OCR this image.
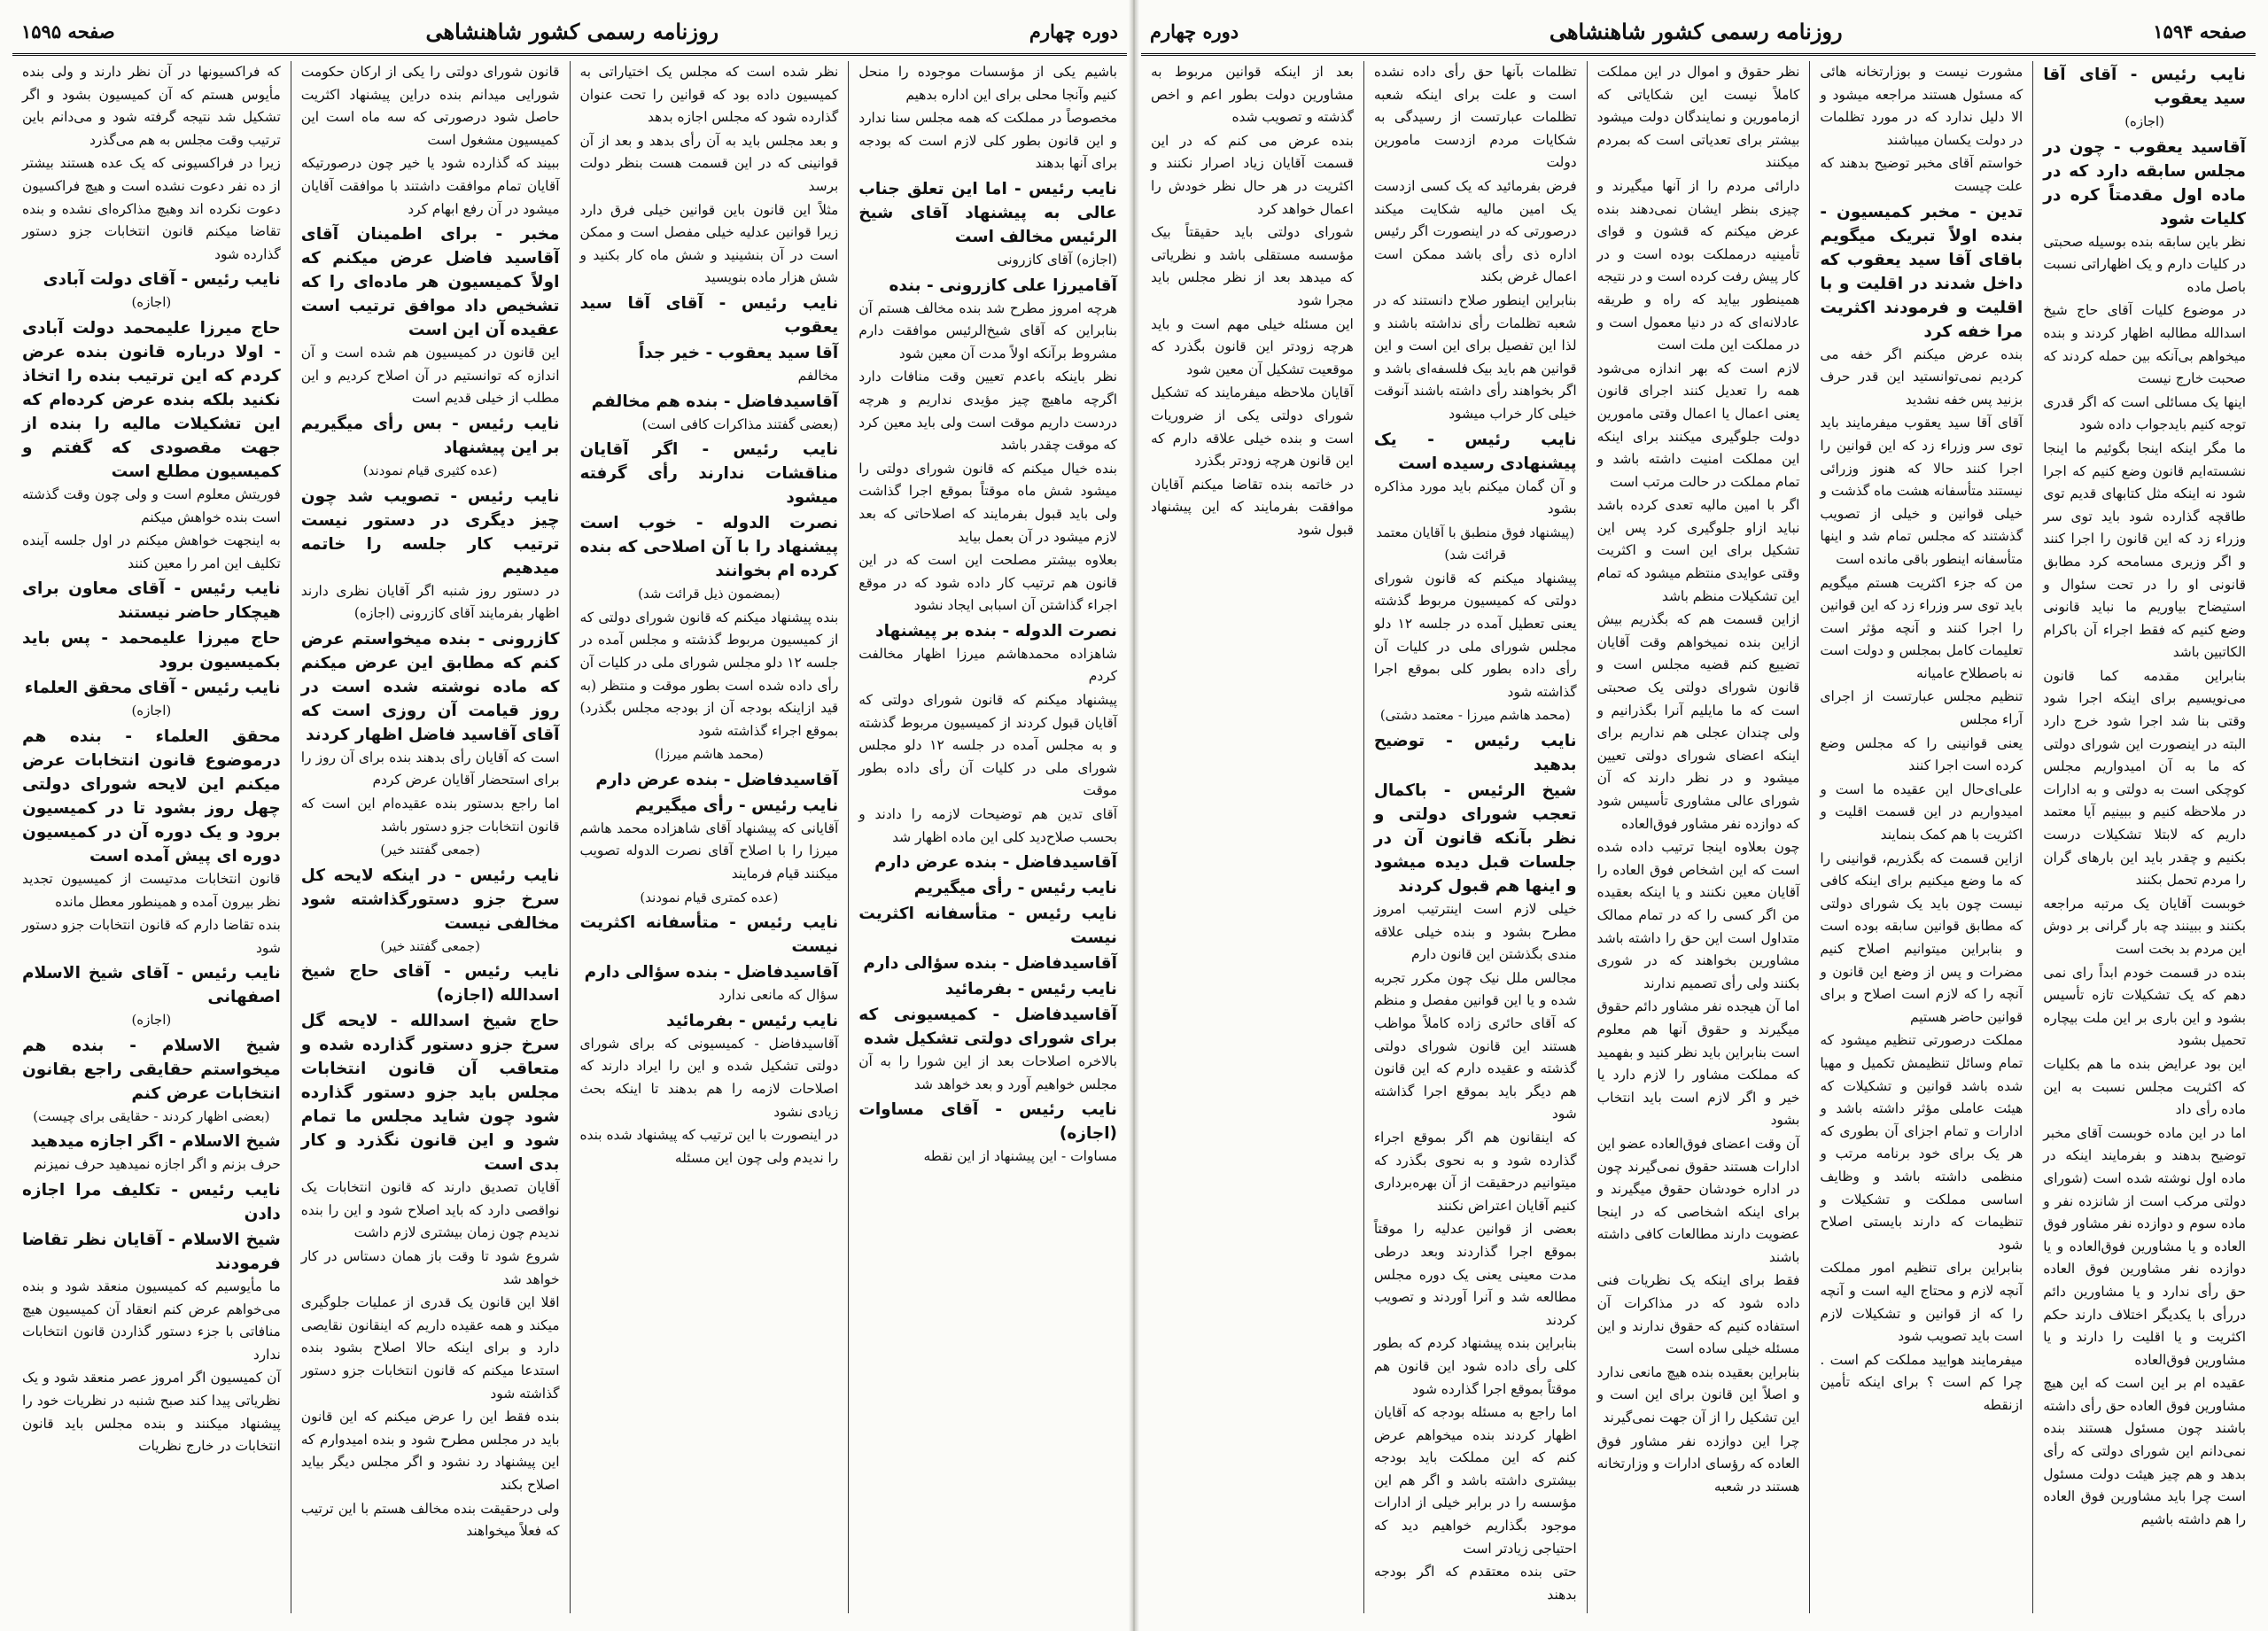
صفحه ۱۵۹۴
روزنامه رسمی کشور شاهنشاهی
دوره چهارم
نایب رئیس - آقای آقا سید یعقوب
(اجازه)
آقاسید یعقوب - چون در مجلس سابقه دارد که در ماده اول مقدمتاً کره در کلیات شود
نظر باین سابقه بنده بوسیله صحبتی در کلیات دارم و یک اظهاراتی نسبت باصل ماده
در موضوع کلیات آقای حاج شیخ اسدالله مطالبه اظهار کردند و بنده میخواهم بی‌آنکه بین حمله کردند که صحبت خارج نیست
اینها یک مسائلی است که اگر قدری توجه کنیم بایدجواب داده شود
ما مگر اینکه اینجا بگوئیم ما اینجا نشسته‌ایم قانون وضع کنیم که اجرا شود نه اینکه مثل کتابهای قدیم توی طاقچه گذارده شود باید توی سر وزراء زد که این قانون را اجرا کنند و اگر وزیری مسامحه کرد مطابق قانونی او را در تحت سئوال و استیضاح بیاوریم ما نباید قانونی وضع کنیم که فقط اجراء آن باکرام الکاتبین باشد
بنابراین مقدمه کما قانون می‌نویسیم برای اینکه اجرا شود وقتی بنا شد اجرا شود خرج دارد البته در اینصورت این شورای دولتی که ما به آن امیدواریم مجلس کوچکی است به دولتی و به ادارات در ملاحظه کنیم و ببینیم آیا معتمد داریم که لابتلا تشکیلات درست بکنیم و چقدر باید این بارهای گران را مردم تحمل بکنند
خوبست آقایان یک مرتبه مراجعه بکنند و ببینند چه بار گرانی بر دوش این مردم بد بخت است
بنده در قسمت خودم ابداً رای نمی دهم که یک تشکیلات تازه تأسیس بشود و این باری بر این ملت بیچاره تحمیل بشود
این بود عرایض بنده ما هم بکلیات که اکثریت مجلس نسبت به این ماده رأی داد
اما در این ماده خوبست آقای مخبر توضیح بدهند و بفرمایند اینکه در ماده اول نوشته شده است (شورای دولتی مرکب است از شانزده نفر و ماده سوم و دوازده نفر مشاور فوق العاده و یا مشاورین فوق‌العاده و یا دوازده نفر مشاورین فوق العاده حق رأی ندارد و یا مشاورین دائم دررأی با یکدیگر اختلاف دارند حکم اکثریت و یا اقلیت را دارند و یا مشاورین فوق‌العاده
عقیده ام بر این است که این هیچ مشاورین فوق العاده حق رأی داشته باشند چون مسئول هستند بنده نمی‌دانم این شورای دولتی که رأی بدهد و هم چیز هیئت دولت مسئول است چرا باید مشاورین فوق العاده را هم داشته باشیم
مشورت نیست و بوزارتخانه هائی که مسئول هستند مراجعه میشود و الا دلیل ندارد که در مورد تظلمات در دولت یکسان میباشند
خواستم آقای مخبر توضیح بدهند که علت چیست
تدین - مخبر کمیسیون - بنده اولاً تبریک میگویم باقای آقا سید یعقوب که داخل شدند در اقلیت و با اقلیت و فرمودند اکثریت مرا خفه کرد
بنده عرض میکنم اگر خفه می کردیم نمی‌توانستید این قدر حرف بزنید پس خفه نشدید
آقای آقا سید یعقوب میفرمایند باید توی سر وزراء زد که این قوانین را اجرا کنند حالا که هنوز وزرائی نیستند متأسفانه هشت ماه گذشت و خیلی قوانین و خیلی از تصویب گذشتند که مجلس تمام شد و اینها متأسفانه اینطور باقی مانده است
من که جزء اکثریت هستم میگویم باید توی سر وزراء زد که این قوانین را اجرا کنند و آنچه مؤثر است تعلیمات کامل بمجلس و دولت است نه باصطلاح عامیانه
تنظیم مجلس عبارتست از اجرای آراء مجلس
یعنی قوانینی را که مجلس وضع کرده است اجرا کنند
علی‌ای‌حال این عقیده ما است و امیدواریم در این قسمت اقلیت و اکثریت با هم کمک بنمایند
ازاین قسمت که بگذریم، قوانینی را که ما وضع میکنیم برای اینکه کافی نیست چون باید یک شورای دولتی که مطابق قوانین سابقه بوده است و بنابراین میتوانیم اصلاح کنیم مضرات و پس از وضع این قانون و آنچه را که لازم است اصلاح و برای قوانین حاضر هستیم
مملکت درصورتی تنظیم میشود که تمام وسائل تنظیمش تکمیل و مهیا شده باشد قوانین و تشکیلات که هیئت عاملی مؤثر داشته باشد و ادارات و تمام اجزای آن بطوری که هر یک برای خود برنامه مرتب و منظمی داشته باشد و وظایف اساسی مملکت و تشکیلات و تنظیمات که دارند بایستی اصلاح شود
بنابراین برای تنظیم امور مملکت آنچه لازم و محتاج الیه است و آنچه را که از قوانین و تشکیلات لازم است باید تصویب شود
میفرمایند هوایید مملکت کم است . چرا کم است ؟ برای اینکه تأمین ازنقطه
نظر حقوق و اموال در این مملکت کاملاً نیست این شکایاتی که ازمامورین و نمایندگان دولت میشود بیشتر برای تعدیاتی است که بمردم میکنند
دارائی مردم را از آنها میگیرند و چیزی بنظر ایشان نمی‌دهند بنده عرض میکنم که قشون و قوای تأمینیه درمملکت بوده است و در کار پیش رفت کرده است و در نتیجه همینطور بیاید که راه و طریقه عادلانه‌ای که در دنیا معمول است و در مملکت این ملت است
لازم است که بهر اندازه می‌شود همه را تعدیل کنند اجرای قانون یعنی اعمال یا اعمال وقتی مامورین دولت جلوگیری میکنند برای اینکه این مملکت امنیت داشته باشد و تمام مملکت در حالت مرتب است
اگر با امین مالیه تعدی کرده باشد نباید ازاو جلوگیری کرد پس این تشکیل برای این است و اکثریت وقتی عوایدی منتظم میشود که تمام این تشکیلات منظم باشد
ازاین قسمت هم که بگذریم بیش ازاین بنده نمیخواهم وقت آقایان تضییع کنم قضیه مجلس است و قانون شورای دولتی یک صحبتی است که ما مایلیم آنرا بگذرانیم و ولی چندان عجلی هم نداریم برای اینکه اعضای شورای دولتی تعیین میشود و در نظر دارند که آن شورای عالی مشاوری تأسیس شود که دوازده نفر مشاور فوق‌العاده
چون بعلاوه اینجا ترتیب داده شده است که این اشخاص فوق العاده را آقایان معین نکنند و یا اینکه بعقیده من اگر کسی را که در تمام ممالک متداول است این حق را داشته باشد مشاورین بخواهند که در شوری بکنند ولی رأی تصمیم ندارند
اما آن هیجده نفر مشاور دائم حقوق میگیرند و حقوق آنها هم معلوم است بنابراین باید نظر کنید و بفهمید که مملکت مشاور را لازم دارد یا خیر و اگر لازم است باید انتخاب بشود
آن وقت اعضای فوق‌العاده عضو این ادارات هستند حقوق نمی‌گیرند چون در اداره خودشان حقوق میگیرند و برای اینکه اشخاصی که در اینجا عضویت دارند مطالعات کافی داشته باشند
فقط برای اینکه یک نظریات فنی داده شود که در مذاکرات آن استفاده کنیم که حقوق ندارند و این مسئله خیلی ساده است
بنابراین بعقیده بنده هیچ مانعی ندارد و اصلاً این قانون برای این است و این تشکیل را از آن جهت نمی‌گیرند
چرا این دوازده نفر مشاور فوق العاده که رؤسای ادارات و وزارتخانه هستند در شعبه
تظلمات بآنها حق رأی داده نشده است و علت برای اینکه شعبه تظلمات عبارتست از رسیدگی به شکایات مردم ازدست مامورین دولت
فرض بفرمائید که یک کسی ازدست یک امین مالیه شکایت میکند درصورتی که در اینصورت اگر رئیس اداره ذی رأی باشد ممکن است اعمال غرض بکند
بنابراین اینطور صلاح دانستند که در شعبه تظلمات رأی نداشته باشند و لذا این تفصیل برای این است و این قوانین هم باید بیک فلسفه‌ای باشد و اگر بخواهند رأی داشته باشند آنوقت خیلی کار خراب میشود
نایب رئیس - یک پیشنهادی رسیده است
و آن گمان میکنم باید مورد مذاکره بشود
(پیشنهاد فوق منطبق با آقایان معتمد قرائت شد)
پیشنهاد میکنم که قانون شورای دولتی که کمیسیون مربوط گذشته یعنی تعطیل آمده در جلسه ۱۲ دلو مجلس شورای ملی در کلیات آن رأی داده بطور کلی بموقع اجرا گذاشته شود
(محمد هاشم میرزا - معتمد دشتی)
نایب رئیس - توضیح بدهید
شیخ الرئیس - باکمال تعجب شورای دولتی و نظر بآنکه قانون آن در جلسات قبل دیده میشود و اینها هم قبول کردند
خیلی لازم است اینترتیب امروز مطرح بشود و بنده خیلی علاقه مندی بگذشتن این قانون دارم
مجالس ملل نیک چون مکرر تجربه شده و یا این قوانین مفصل و منظم که آقای حائری زاده کاملاً مواظب هستند این قانون شورای دولتی گذشته و عقیده دارم که این قانون هم دیگر باید بموقع اجرا گذاشته شود
که اینقانون هم اگر بموقع اجراء گذارده شود و به نحوی بگذرد که میتوانیم درحقیقت از آن بهره‌برداری کنیم آقایان اعتراض نکنند
بعضی از قوانین عدلیه را موقتاً بموقع اجرا گذاردند وبعد درطی مدت معینی یعنی یک دوره مجلس مطالعه شد و آنرا آوردند و تصویب کردند
بنابراین بنده پیشنهاد کردم که بطور کلی رأی داده شود این قانون هم موقتاً بموقع اجرا گذارده شود
اما راجع به مسئله بودجه که آقایان اظهار کردند بنده میخواهم عرض کنم که این مملکت باید بودجه بیشتری داشته باشد و اگر هم این مؤسسه را در برابر خیلی از ادارات موجود بگذاریم خواهیم دید که احتیاجی زیادتر است
حتی بنده معتقدم که اگر بودجه بدهند
بعد از اینکه قوانین مربوط به مشاورین دولت بطور اعم و اخص گذشته و تصویب شده
بنده عرض می کنم که در این قسمت آقایان زیاد اصرار نکنند و اکثریت در هر حال نظر خودش را اعمال خواهد کرد
شورای دولتی باید حقیقتاً بیک مؤسسه مستقلی باشد و نظریاتی که میدهد بعد از نظر مجلس باید مجرا شود
این مسئله خیلی مهم است و باید هرچه زودتر این قانون بگذرد که موقعیت تشکیل آن معین شود
آقایان ملاحظه میفرمایند که تشکیل شورای دولتی یکی از ضروریات است و بنده خیلی علاقه دارم که این قانون هرچه زودتر بگذرد
در خاتمه بنده تقاضا میکنم آقایان موافقت بفرمایند که این پیشنهاد قبول شود
دوره چهارم
روزنامه رسمی کشور شاهنشاهی
صفحه ۱۵۹۵
باشیم یکی از مؤسسات موجوده را منحل کنیم وآنجا محلی برای این اداره بدهیم
مخصوصاً در مملکت که همه مجلس سنا ندارد و این قانون بطور کلی لازم است که بودجه برای آنها بدهند
نایب رئیس - اما این تعلق جناب عالی به پیشنهاد آقای شیخ الرئیس مخالف است
(اجازه) آقای کازرونی
آقامیرزا علی کازرونی - بنده
هرچه امروز مطرح شد بنده مخالف هستم آن بنابراین که آقای شیخ‌الرئیس موافقت دارم مشروط برآنکه اولاً مدت آن معین شود
نظر باینکه باعدم تعیین وقت منافات دارد اگرچه ماهیچ چیز مؤیدی نداریم و هرچه دردست داریم موقت است ولی باید معین کرد که موقت چقدر باشد
بنده خیال میکنم که قانون شورای دولتی را میشود شش ماه موقتاً بموقع اجرا گذاشت ولی باید قبول بفرمایند که اصلاحاتی که بعد لازم میشود در آن بعمل بیاید
بعلاوه بیشتر مصلحت این است که در این قانون هم ترتیب کار داده شود که در موقع اجراء گذاشتن آن اسبابی ایجاد نشود
نصرت الدوله - بنده بر پیشنهاد
شاهزاده محمدهاشم میرزا اظهار مخالفت کردم
پیشنهاد میکنم که قانون شورای دولتی که آقایان قبول کردند از کمیسیون مربوط گذشته و به مجلس آمده در جلسه ۱۲ دلو مجلس شورای ملی در کلیات آن رأی داده بطور موقت
آقای تدین هم توضیحات لازمه را دادند و بحسب صلاح‌دید کلی این ماده اظهار شد
آقاسیدفاضل - بنده عرض دارم
نایب رئیس - رأی میگیریم
نایب رئیس - متأسفانه اکثریت نیست
آقاسیدفاضل - بنده سؤالی دارم
نایب رئیس - بفرمائید
آقاسیدفاضل - کمیسیونی که برای شورای دولتی تشکیل شده
بالاخره اصلاحات بعد از این شورا را به آن مجلس خواهیم آورد و بعد خواهد شد
نایب رئیس - آقای مساوات (اجازه)
مساوات - این پیشنهاد از این نقطه
نظر شده است که مجلس یک اختیاراتی به کمیسیون داده بود که قوانین را تحت عنوان گذارده شود که مجلس اجازه بدهد
و بعد مجلس باید به آن رأی بدهد و بعد از آن قوانینی که در این قسمت هست بنظر دولت برسد
مثلاً این قانون باین قوانین خیلی فرق دارد زیرا قوانین عدلیه خیلی مفصل است و ممکن است در آن بنشینید و شش ماه کار بکنید و شش هزار ماده بنویسید
نایب رئیس - آقای آقا سید یعقوب
آقا سید یعقوب - خیر جداً
مخالفم
آقاسیدفاضل - بنده هم مخالفم
(بعضی گفتند مذاکرات کافی است)
نایب رئیس - اگر آقایان مناقشات ندارند رأی گرفته میشود
نصرت الدوله - خوب است پیشنهاد را با آن اصلاحی که بنده کرده ام بخوانند
(بمضمون ذیل قرائت شد)
بنده پیشنهاد میکنم که قانون شورای دولتی که از کمیسیون مربوط گذشته و مجلس آمده در جلسه ۱۲ دلو مجلس شورای ملی در کلیات آن رأی داده شده است بطور موقت و منتظر (به قید ازاینکه بودجه آن از بودجه مجلس بگذرد) بموقع اجراء گذاشته شود
(محمد هاشم میرزا)
آقاسیدفاضل - بنده عرض دارم
نایب رئیس - رأی میگیریم
آقایانی که پیشنهاد آقای شاهزاده محمد هاشم میرزا را با اصلاح آقای نصرت الدوله تصویب میکنند قیام فرمایند
(عده کمتری قیام نمودند)
نایب رئیس - متأسفانه اکثریت نیست
آقاسیدفاضل - بنده سؤالی دارم
سؤال که مانعی ندارد
نایب رئیس - بفرمائید
آقاسیدفاضل - کمیسیونی که برای شورای دولتی تشکیل شده و این را ایراد دارند که اصلاحات لازمه را هم بدهند تا اینکه بحث زیادی نشود
در اینصورت با این ترتیب که پیشنهاد شده بنده را ندیدم ولی چون این مسئله
قانون شورای دولتی را یکی از ارکان حکومت شورایی میدانم بنده دراین پیشنهاد اکثریت حاصل شود درصورتی که سه ماه است این کمیسیون مشغول است
ببیند که گذارده شود یا خیر چون درصورتیکه آقایان تمام موافقت داشتند با موافقت آقایان میشود در آن رفع ابهام کرد
مخبر - برای اطمینان آقای آقاسید فاضل عرض میکنم که اولاً کمیسیون هر ماده‌ای را که تشخیص داد موافق ترتیب است عقیده آن این است
این قانون در کمیسیون هم شده است و آن اندازه که توانستیم در آن اصلاح کردیم و این مطلب از خیلی قدیم است
نایب رئیس - بس رأی میگیریم بر این پیشنهاد
(عده کثیری قیام نمودند)
نایب رئیس - تصویب شد چون چیز دیگری در دستور نیست ترتیب کار جلسه را خاتمه میدهیم
در دستور روز شنبه اگر آقایان نظری دارند اظهار بفرمایند آقای کازرونی (اجازه)
کازرونی - بنده میخواستم عرض کنم که مطابق این عرض میکنم که ماده نوشته شده است در روز قیامت آن روزی است که آقای آقاسید فاضل اظهار کردند
است که آقایان رأی بدهند بنده برای آن روز را برای استحضار آقایان عرض کردم
اما راجع بدستور بنده عقیده‌ام این است که قانون انتخابات جزو دستور باشد
(جمعی گفتند خیر)
نایب رئیس - در اینکه لایحه کل سرخ جزو دستورگذاشته شود مخالفی نیست
(جمعی گفتند خیر)
نایب رئیس - آقای حاج شیخ اسدالله (اجازه)
حاج شیخ اسدالله - لایحه گل سرخ جزو دستور گذارده شده و متعاقب آن قانون انتخابات مجلس باید جزو دستور گذارده شود چون شاید مجلس ما تمام شود و این قانون نگذرد و کار بدی است
آقایان تصدیق دارند که قانون انتخابات یک نواقصی دارد که باید اصلاح شود و این را بنده ندیدم چون زمان بیشتری لازم داشت
شروع شود تا وقت باز همان دستاس در کار خواهد شد
اقلا این قانون یک قدری از عملیات جلوگیری میکند و همه عقیده داریم که اینقانون نقایصی دارد و برای اینکه حالا اصلاح بشود بنده استدعا میکنم که قانون انتخابات جزو دستور گذاشته شود
بنده فقط این را عرض میکنم که این قانون باید در مجلس مطرح شود و بنده امیدوارم که این پیشنهاد رد نشود و اگر مجلس دیگر بیاید اصلاح بکند
ولی درحقیقت بنده مخالف هستم با این ترتیب که فعلاً میخواهند
که فراکسیونها در آن نظر دارند و ولی بنده مأیوس هستم که آن کمیسیون بشود و اگر تشکیل شد نتیجه گرفته شود و می‌دانم باین ترتیب وقت مجلس به هم می‌گذرد
زیرا در فراکسیونی که یک عده هستند بیشتر از ده نفر دعوت نشده است و هیچ فراکسیون دعوت نکرده اند وهیچ مذاکره‌ای نشده و بنده تقاضا میکنم قانون انتخابات جزو دستور گذارده شود
نایب رئیس - آقای دولت آبادی
(اجازه)
حاج میرزا علیمحمد دولت آبادی - اولا درباره قانون بنده عرض کردم که این ترتیب بنده را اتخاذ نکنید بلکه بنده عرض کرده‌ام که این تشکیلات مالیه را بنده از جهت مقصودی که گفتم و کمیسیون مطلع است
فوریتش معلوم است و ولی چون وقت گذشته است بنده خواهش میکنم
به اینجهت خواهش میکنم در اول جلسه آینده تکلیف این امر را معین کنند
نایب رئیس - آقای معاون برای هیچکار حاضر نیستند
حاج میرزا علیمحمد - پس باید بکمیسیون برود
نایب رئیس - آقای محقق العلماء
(اجازه)
محقق العلماء - بنده هم درموضوع قانون انتخابات عرض میکنم این لایحه شورای دولتی چهل روز بشود تا در کمیسیون برود و یک دوره آن در کمیسیون دوره ای پیش آمده است
قانون انتخابات مدتیست از کمیسیون تجدید نظر بیرون آمده و همینطور معطل مانده
بنده تقاضا دارم که قانون انتخابات جزو دستور شود
نایب رئیس - آقای شیخ الاسلام اصفهانی
(اجازه)
شیخ الاسلام - بنده هم میخواستم حقایقی راجع بقانون انتخابات عرض کنم
(بعضی اظهار کردند - حقایقی برای چیست)
شیخ الاسلام - اگر اجازه میدهید
حرف بزنم و اگر اجازه نمیدهید حرف نمیزنم
نایب رئیس - تکلیف مرا اجازه دادن
شیخ الاسلام - آقایان نظر تقاضا فرمودند
ما مأیوسیم که کمیسیون منعقد شود و بنده می‌خواهم عرض کنم انعقاد آن کمیسیون هیچ منافاتی با جزء دستور گذاردن قانون انتخابات ندارد
آن کمیسیون اگر امروز عصر منعقد شود و یک نظریاتی پیدا کند صبح شنبه در نظریات خود را پیشنهاد میکنند و بنده مجلس باید قانون انتخابات در خارج نظریات
